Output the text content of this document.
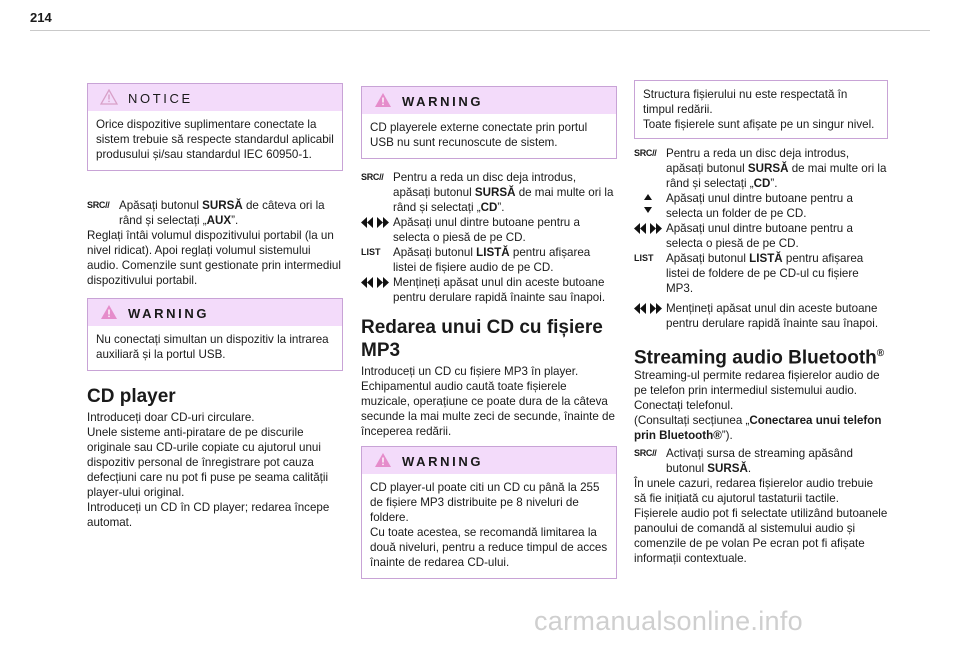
214
NOTICE

Orice dispozitive suplimentare conectate la sistem trebuie să respecte standardul aplicabil produsului și/sau standardul IEC 60950-1.

SRC// Apăsați butonul SURSĂ de câteva ori la rând și selectați „AUX”.

Reglați întâi volumul dispozitivului portabil (la un nivel ridicat). Apoi reglați volumul sistemului audio. Comenzile sunt gestionate prin intermediul dispozitivului portabil.

WARNING

Nu conectați simultan un dispozitiv la intrarea auxiliară și la portul USB.

CD player

Introduceți doar CD-uri circulare.
Unele sisteme anti-piratare de pe discurile originale sau CD-urile copiate cu ajutorul unui dispozitiv personal de înregistrare pot cauza defecțiuni care nu pot fi puse pe seama calității player-ului original.
Introduceți un CD în CD player; redarea începe automat.

WARNING

CD playerele externe conectate prin portul USB nu sunt recunoscute de sistem.

SRC// Pentru a reda un disc deja introdus, apăsați butonul SURSĂ de mai multe ori la rând și selectați „CD”.
Apăsați unul dintre butoane pentru a selecta o piesă de pe CD.
LIST	Apăsați butonul LISTĂ pentru afișarea listei de fișiere audio de pe CD.
Mențineți apăsat unul din aceste butoane pentru derulare rapidă înainte sau înapoi.
Redarea unui CD cu fișiere MP3

Introduceți un CD cu fișiere MP3 în player.
Echipamentul audio caută toate fișierele muzicale, operațiune ce poate dura de la câteva secunde la mai multe zeci de secunde, înainte de începerea redării.

WARNING

CD player-ul poate citi un CD cu până la 255 de fișiere MP3 distribuite pe 8 niveluri de foldere.
Cu toate acestea, se recomandă limitarea la două niveluri, pentru a reduce timpul de acces înainte de redarea CD-ului.

Structura fișierului nu este respectată în timpul redării.
Toate fișierele sunt afișate pe un singur nivel.

SRC// Pentru a reda un disc deja introdus, apăsați butonul SURSĂ de mai multe ori la rând și selectați „CD”.
Apăsați unul dintre butoane pentru a selecta un folder de pe CD.
Apăsați unul dintre butoane pentru a selecta o piesă de pe CD.
LIST	Apăsați butonul LISTĂ pentru afișarea listei de foldere de pe CD-ul cu fișiere MP3.
Mențineți apăsat unul din aceste butoane pentru derulare rapidă înainte sau înapoi.
Streaming audio Bluetooth®

Streaming-ul permite redarea fișierelor audio de pe telefon prin intermediul sistemului audio.

Conectați telefonul.

(Consultați secțiunea „Conectarea unui telefon prin Bluetooth®”).

SRC// Activați sursa de streaming apăsând butonul SURSĂ.

În unele cazuri, redarea fișierelor audio trebuie să fie inițiată cu ajutorul tastaturii tactile.
Fișierele audio pot fi selectate utilizând butoanele panoului de comandă al sistemului audio și comenzile de pe volan Pe ecran pot fi afișate informații contextuale.

carmanualsonline.info
